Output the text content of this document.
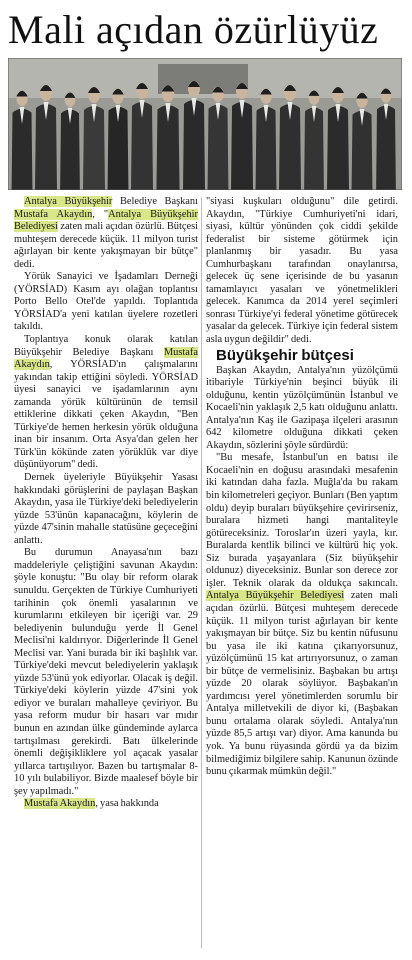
Mali açıdan özürlüyüz

Antalya Büyükşehir Belediye Başkanı Mustafa Akaydın, "Antalya Büyükşehir Belediyesi zaten mali açıdan özürlü. Bütçesi muhteşem derecede küçük. 11 milyon turist ağırlayan bir kente yakışmayan bir bütçe" dedi.

Yörük Sanayici ve İşadamları Derneği (YÖRSİAD) Kasım ayı olağan toplantısı Porto Bello Otel'de yapıldı. Toplantıda YÖRSİAD'a yeni katılan üyelere rozetleri takıldı.

Toplantıya konuk olarak katılan Büyükşehir Belediye Başkanı Mustafa Akaydın, YÖRSİAD'ın çalışmalarını yakından takip ettiğini söyledi. YÖRSİAD üyesi sanayici ve işadamlarının aynı zamanda yörük kültürünün de temsil ettiklerine dikkati çeken Akaydın, "Ben Türkiye'de hemen herkesin yörük olduğuna inan bir insanım. Orta Asya'dan gelen her Türk'ün kökünde zaten yörüklük var diye düşünüyorum" dedi.

Dernek üyeleriyle Büyükşehir Yasası hakkındaki görüşlerini de paylaşan Başkan Akaydın, yasa ile Türkiye'deki belediyelerin yüzde 53'ünün kapanacağını, köylerin de yüzde 47'sinin mahalle statüsüne geçeceğini anlattı.

Bu durumun Anayasa'nın bazı maddeleriyle çeliştiğini savunan Akaydın: şöyle konuştu: "Bu olay bir reform olarak sunuldu. Gerçekten de Türkiye Cumhuriyeti tarihinin çok önemli yasalarının ve kurumlarını etkileyen bir içeriği var. 29 belediyenin bulunduğu yerde İl Genel Meclisi'ni kaldırıyor. Diğerlerinde İl Genel Meclisi var. Yani burada bir iki başlılık var. Türkiye'deki mevcut belediyelerin yaklaşık yüzde 53'ünü yok ediyorlar. Olacak iş değil. Türkiye'deki köylerin yüzde 47'sini yok ediyor ve buraları mahalleye çeviriyor. Bu yasa reform mudur bir hasarı var mıdır bunun en azından ülke gündeminde aylarca tartışılması gerekirdi. Batı ülkelerinde önemli değişikliklere yol açacak yasalar yıllarca tartışılıyor. Bazen bu tartışmalar 8-10 yılı bulabiliyor. Bizde maalesef böyle bir şey yapılmadı."

Mustafa Akaydın, yasa hakkında

"siyasi kuşkuları olduğunu" dile getirdi. Akaydın, "Türkiye Cumhuriyeti'ni idari, siyasi, kültür yönünden çok ciddi şekilde federalist bir sisteme götürmek için planlanmış bir yasadır. Bu yasa Cumhurbaşkanı tarafından onaylanırsa, gelecek üç sene içerisinde de bu yasanın tamamlayıcı yasaları ve yönetmelikleri gelecek. Kanımca da 2014 yerel seçimleri sonrası Türkiye'yi federal yönetime götürecek yasalar da gelecek. Türkiye için federal sistem asla uygun değildir" dedi.

Büyükşehir bütçesi

Başkan Akaydın, Antalya'nın yüzölçümü itibariyle Türkiye'nin beşinci büyük ili olduğunu, kentin yüzölçümünün İstanbul ve Kocaeli'nin yaklaşık 2,5 katı olduğunu anlattı. Antalya'nın Kaş ile Gazipaşa ilçeleri arasının 642 kilometre olduğuna dikkati çeken Akaydın, sözlerini şöyle sürdürdü:

"Bu mesafe, İstanbul'un en batısı ile Kocaeli'nin en doğusu arasındaki mesafenin iki katından daha fazla. Muğla'da bu rakam bin kilometreleri geçiyor. Bunları (Ben yaptım oldu) deyip buraları büyükşehire çevirirseniz, buralara hizmeti hangi mantaliteyle götüreceksiniz. Toroslar'ın üzeri yayla, kır. Buralarda kentlik bilinci ve kültürü hiç yok. Siz burada yaşayanlara (Siz büyükşehir oldunuz) diyeceksiniz. Bunlar son derece zor işler. Teknik olarak da oldukça sakıncalı. Antalya Büyükşehir Belediyesi zaten mali açıdan özürlü. Bütçesi muhteşem derecede küçük. 11 milyon turist ağırlayan bir kente yakışmayan bir bütçe. Siz bu kentin nüfusunu bu yasa ile iki katına çıkarıyorsunuz, yüzölçümünü 15 kat artırıyorsunuz, o zaman bir bütçe de vermelisiniz. Başbakan bu artışı yüzde 20 olarak söylüyor. Başbakan'ın yardımcısı yerel yönetimlerden sorumlu bir Antalya milletvekili de diyor ki, (Başbakan bunu ortalama olarak söyledi. Antalya'nın yüzde 85,5 artışı var) diyor. Ama kanunda bu yok. Ya bunu rüyasında gördü ya da bizim bilmediğimiz bilgilere sahip. Kanunun özünde bunu çıkarmak mümkün değil."
